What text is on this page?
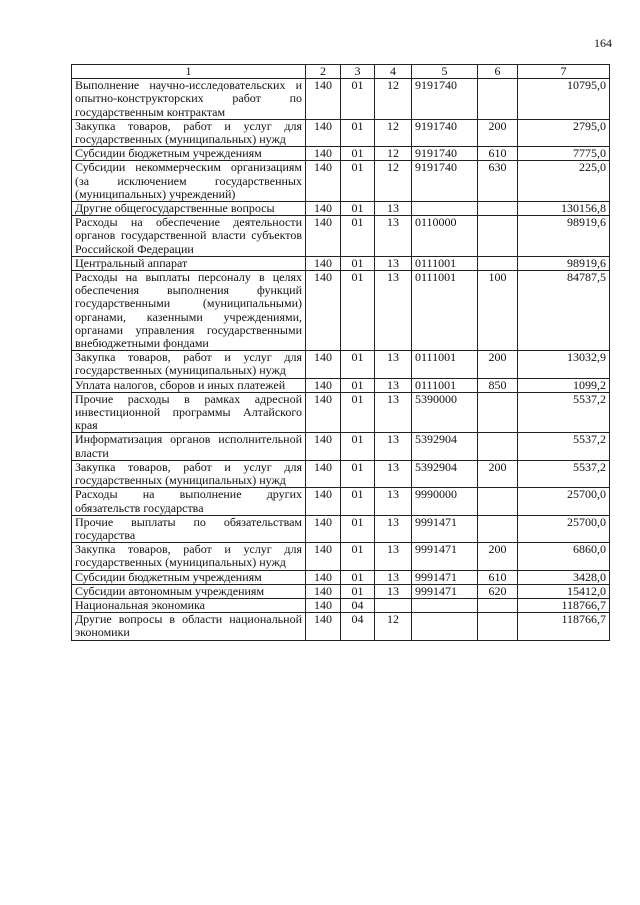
164
1	2	3	4	5	6	7
Выполнение научно-исследовательских и опытно-конструкторских работ по государственным контрактам	140	01	12	9191740		10795,0
Закупка товаров, работ и услуг для государственных (муниципальных) нужд	140	01	12	9191740	200	2795,0
Субсидии бюджетным учреждениям	140	01	12	9191740	610	7775,0
Субсидии некоммерческим организациям (за исключением государственных (муниципальных) учреждений)	140	01	12	9191740	630	225,0
Другие общегосударственные вопросы	140	01	13			130156,8
Расходы на обеспечение деятельности органов государственной власти субъектов Российской Федерации	140	01	13	0110000		98919,6
Центральный аппарат	140	01	13	0111001		98919,6
Расходы на выплаты персоналу в целях обеспечения выполнения функций государственными (муниципальными) органами, казенными учреждениями, органами управления государственными внебюджетными фондами	140	01	13	0111001	100	84787,5
Закупка товаров, работ и услуг для государственных (муниципальных) нужд	140	01	13	0111001	200	13032,9
Уплата налогов, сборов и иных платежей	140	01	13	0111001	850	1099,2
Прочие расходы в рамках адресной инвестиционной программы Алтайского края	140	01	13	5390000		5537,2
Информатизация органов исполнительной власти	140	01	13	5392904		5537,2
Закупка товаров, работ и услуг для государственных (муниципальных) нужд	140	01	13	5392904	200	5537,2
Расходы на выполнение других обязательств государства	140	01	13	9990000		25700,0
Прочие выплаты по обязательствам государства	140	01	13	9991471		25700,0
Закупка товаров, работ и услуг для государственных (муниципальных) нужд	140	01	13	9991471	200	6860,0
Субсидии бюджетным учреждениям	140	01	13	9991471	610	3428,0
Субсидии автономным учреждениям	140	01	13	9991471	620	15412,0
Национальная экономика	140	04				118766,7
Другие вопросы в области национальной экономики	140	04	12			118766,7
